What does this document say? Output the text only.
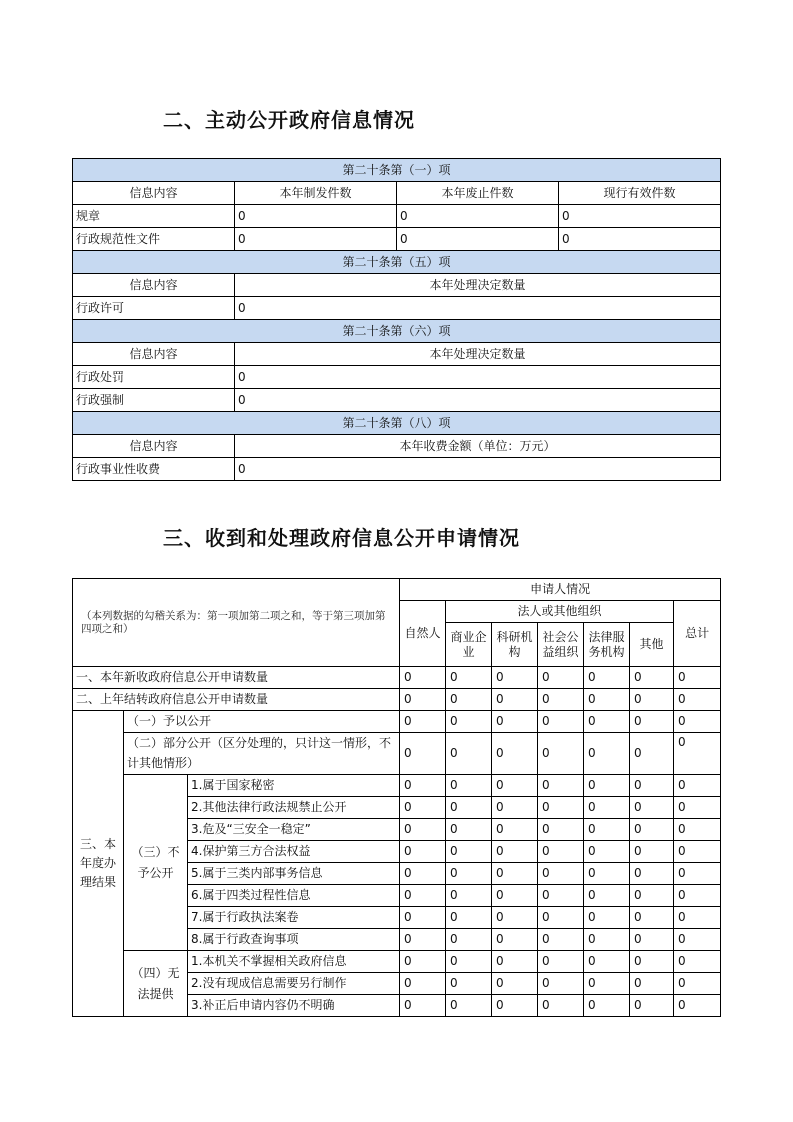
二、主动公开政府信息情况
第二十条第（一）项			
信息内容	本年制发件数	本年废止件数	现行有效件数
规章	0	0	0
行政规范性文件	0	0	0
第二十条第（五）项			
信息内容	本年处理决定数量		
行政许可	0		
第二十条第（六）项			
信息内容	本年处理决定数量		
行政处罚	0		
行政强制	0		
第二十条第（八）项			
信息内容	本年收费金额（单位：万元）		
行政事业性收费	0		
三、收到和处理政府信息公开申请情况
（本列数据的勾稽关系为：第一项加第二项之和，等于第三项加第四项之和）			申请人情况						
			自然人	法人或其他组织					总计
				商业企业	科研机构	社会公益组织	法律服务机构	其他	
一、本年新收政府信息公开申请数量			0	0	0	0	0	0	0
二、上年结转政府信息公开申请数量			0	0	0	0	0	0	0
三、本年度办理结果	（一）予以公开		0	0	0	0	0	0	0
	（二）部分公开（区分处理的，只计这一情形，不计其他情形）		0	0	0	0	0	0	0
	（三）不予公开	1.属于国家秘密	0	0	0	0	0	0	0
		2.其他法律行政法规禁止公开	0	0	0	0	0	0	0
		3.危及“三安全一稳定”	0	0	0	0	0	0	0
		4.保护第三方合法权益	0	0	0	0	0	0	0
		5.属于三类内部事务信息	0	0	0	0	0	0	0
		6.属于四类过程性信息	0	0	0	0	0	0	0
		7.属于行政执法案卷	0	0	0	0	0	0	0
		8.属于行政查询事项	0	0	0	0	0	0	0
	（四）无法提供	1.本机关不掌握相关政府信息	0	0	0	0	0	0	0
		2.没有现成信息需要另行制作	0	0	0	0	0	0	0
		3.补正后申请内容仍不明确	0	0	0	0	0	0	0
